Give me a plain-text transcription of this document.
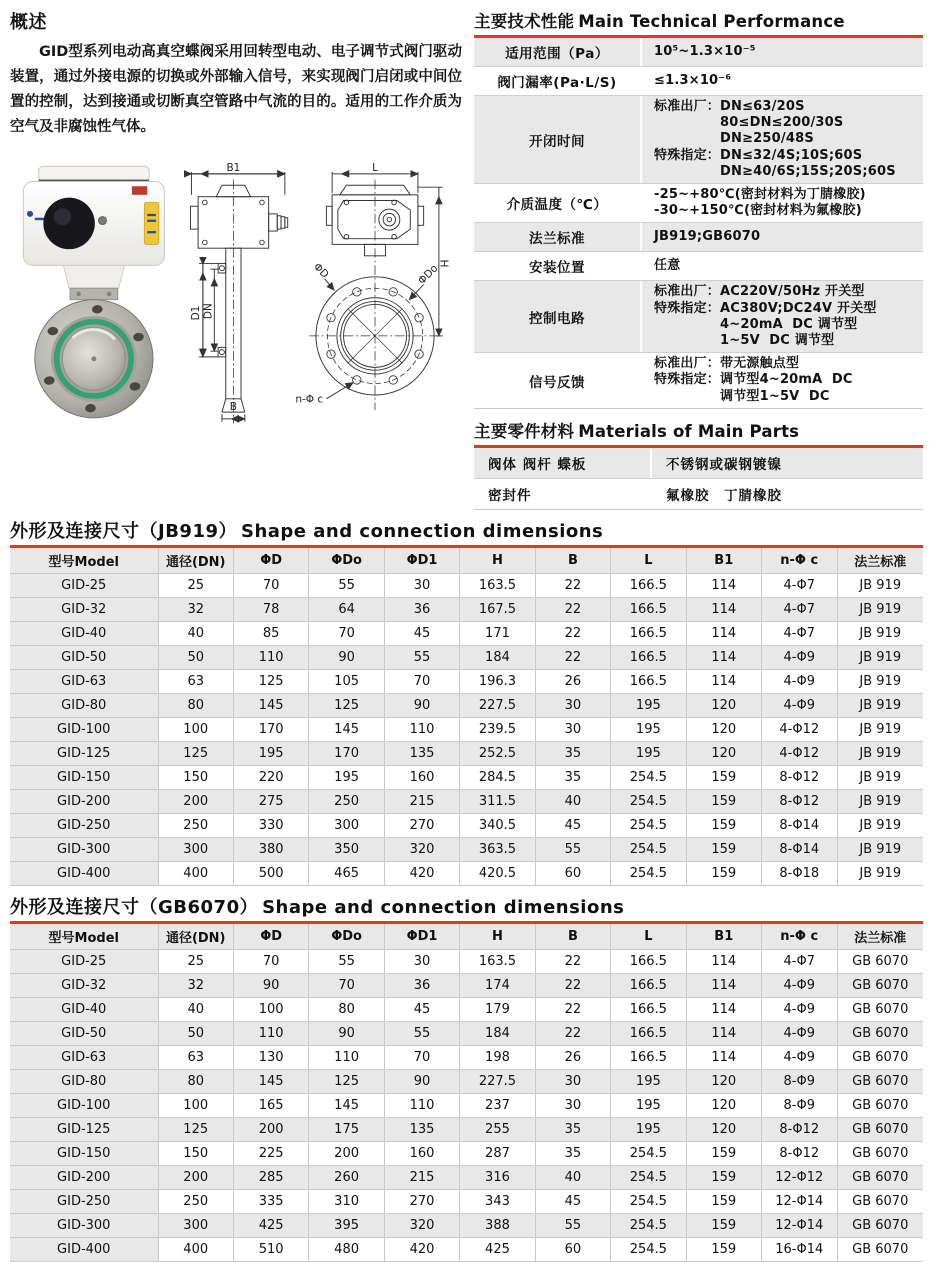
概述

GID型系列电动高真空蝶阀采用回转型电动、电子调节式阀门驱动装置，通过外接电源的切换或外部输入信号，来实现阀门启闭或中间位置的控制，达到接通或切断真空管路中气流的目的。适用的工作介质为空气及非腐蚀性气体。

B1
D1 DN
B
L
H
ΦD	ΦDo
n-Φ c
主要技术性能 Main Technical Performance
适用范围（Pa）	10⁵~1.3×10⁻⁵
阀门漏率(Pa·L/S)	≤1.3×10⁻⁶
开闭时间
标准出厂：DN≤63/20S
　　　　　80≤DN≤200/30S
　　　　　DN≥250/48S
特殊指定：DN≤32/4S;10S;60S
　　　　　DN≥40/6S;15S;20S;60S
介质温度（℃）
-25~+80℃(密封材料为丁腈橡胶)
-30~+150℃(密封材料为氟橡胶)
法兰标准	JB919;GB6070
安装位置	任意
控制电路
标准出厂：AC220V/50Hz 开关型
特殊指定：AC380V;DC24V 开关型
　　　　　4~20mA  DC 调节型
　　　　　1~5V  DC 调节型
信号反馈
标准出厂：带无源触点型
特殊指定：调节型4~20mA  DC
　　　　　调节型1~5V  DC
主要零件材料 Materials of Main Parts
阀体 阀杆 蝶板	不锈钢或碳钢镀镍
密封件	氟橡胶　丁腈橡胶
外形及连接尺寸（JB919） Shape and connection dimensions
型号Model	通径(DN)	ΦD	ΦDo	ΦD1	H	B	L	B1	n-Φ c	法兰标准
GID-25	25	70	55	30	163.5	22	166.5	114	4-Φ7	JB 919
GID-32	32	78	64	36	167.5	22	166.5	114	4-Φ7	JB 919
GID-40	40	85	70	45	171	22	166.5	114	4-Φ7	JB 919
GID-50	50	110	90	55	184	22	166.5	114	4-Φ9	JB 919
GID-63	63	125	105	70	196.3	26	166.5	114	4-Φ9	JB 919
GID-80	80	145	125	90	227.5	30	195	120	4-Φ9	JB 919
GID-100	100	170	145	110	239.5	30	195	120	4-Φ12	JB 919
GID-125	125	195	170	135	252.5	35	195	120	4-Φ12	JB 919
GID-150	150	220	195	160	284.5	35	254.5	159	8-Φ12	JB 919
GID-200	200	275	250	215	311.5	40	254.5	159	8-Φ12	JB 919
GID-250	250	330	300	270	340.5	45	254.5	159	8-Φ14	JB 919
GID-300	300	380	350	320	363.5	55	254.5	159	8-Φ14	JB 919
GID-400	400	500	465	420	420.5	60	254.5	159	8-Φ18	JB 919
外形及连接尺寸（GB6070） Shape and connection dimensions
型号Model	通径(DN)	ΦD	ΦDo	ΦD1	H	B	L	B1	n-Φ c	法兰标准
GID-25	25	70	55	30	163.5	22	166.5	114	4-Φ7	GB 6070
GID-32	32	90	70	36	174	22	166.5	114	4-Φ9	GB 6070
GID-40	40	100	80	45	179	22	166.5	114	4-Φ9	GB 6070
GID-50	50	110	90	55	184	22	166.5	114	4-Φ9	GB 6070
GID-63	63	130	110	70	198	26	166.5	114	4-Φ9	GB 6070
GID-80	80	145	125	90	227.5	30	195	120	8-Φ9	GB 6070
GID-100	100	165	145	110	237	30	195	120	8-Φ9	GB 6070
GID-125	125	200	175	135	255	35	195	120	8-Φ12	GB 6070
GID-150	150	225	200	160	287	35	254.5	159	8-Φ12	GB 6070
GID-200	200	285	260	215	316	40	254.5	159	12-Φ12	GB 6070
GID-250	250	335	310	270	343	45	254.5	159	12-Φ14	GB 6070
GID-300	300	425	395	320	388	55	254.5	159	12-Φ14	GB 6070
GID-400	400	510	480	420	425	60	254.5	159	16-Φ14	GB 6070
